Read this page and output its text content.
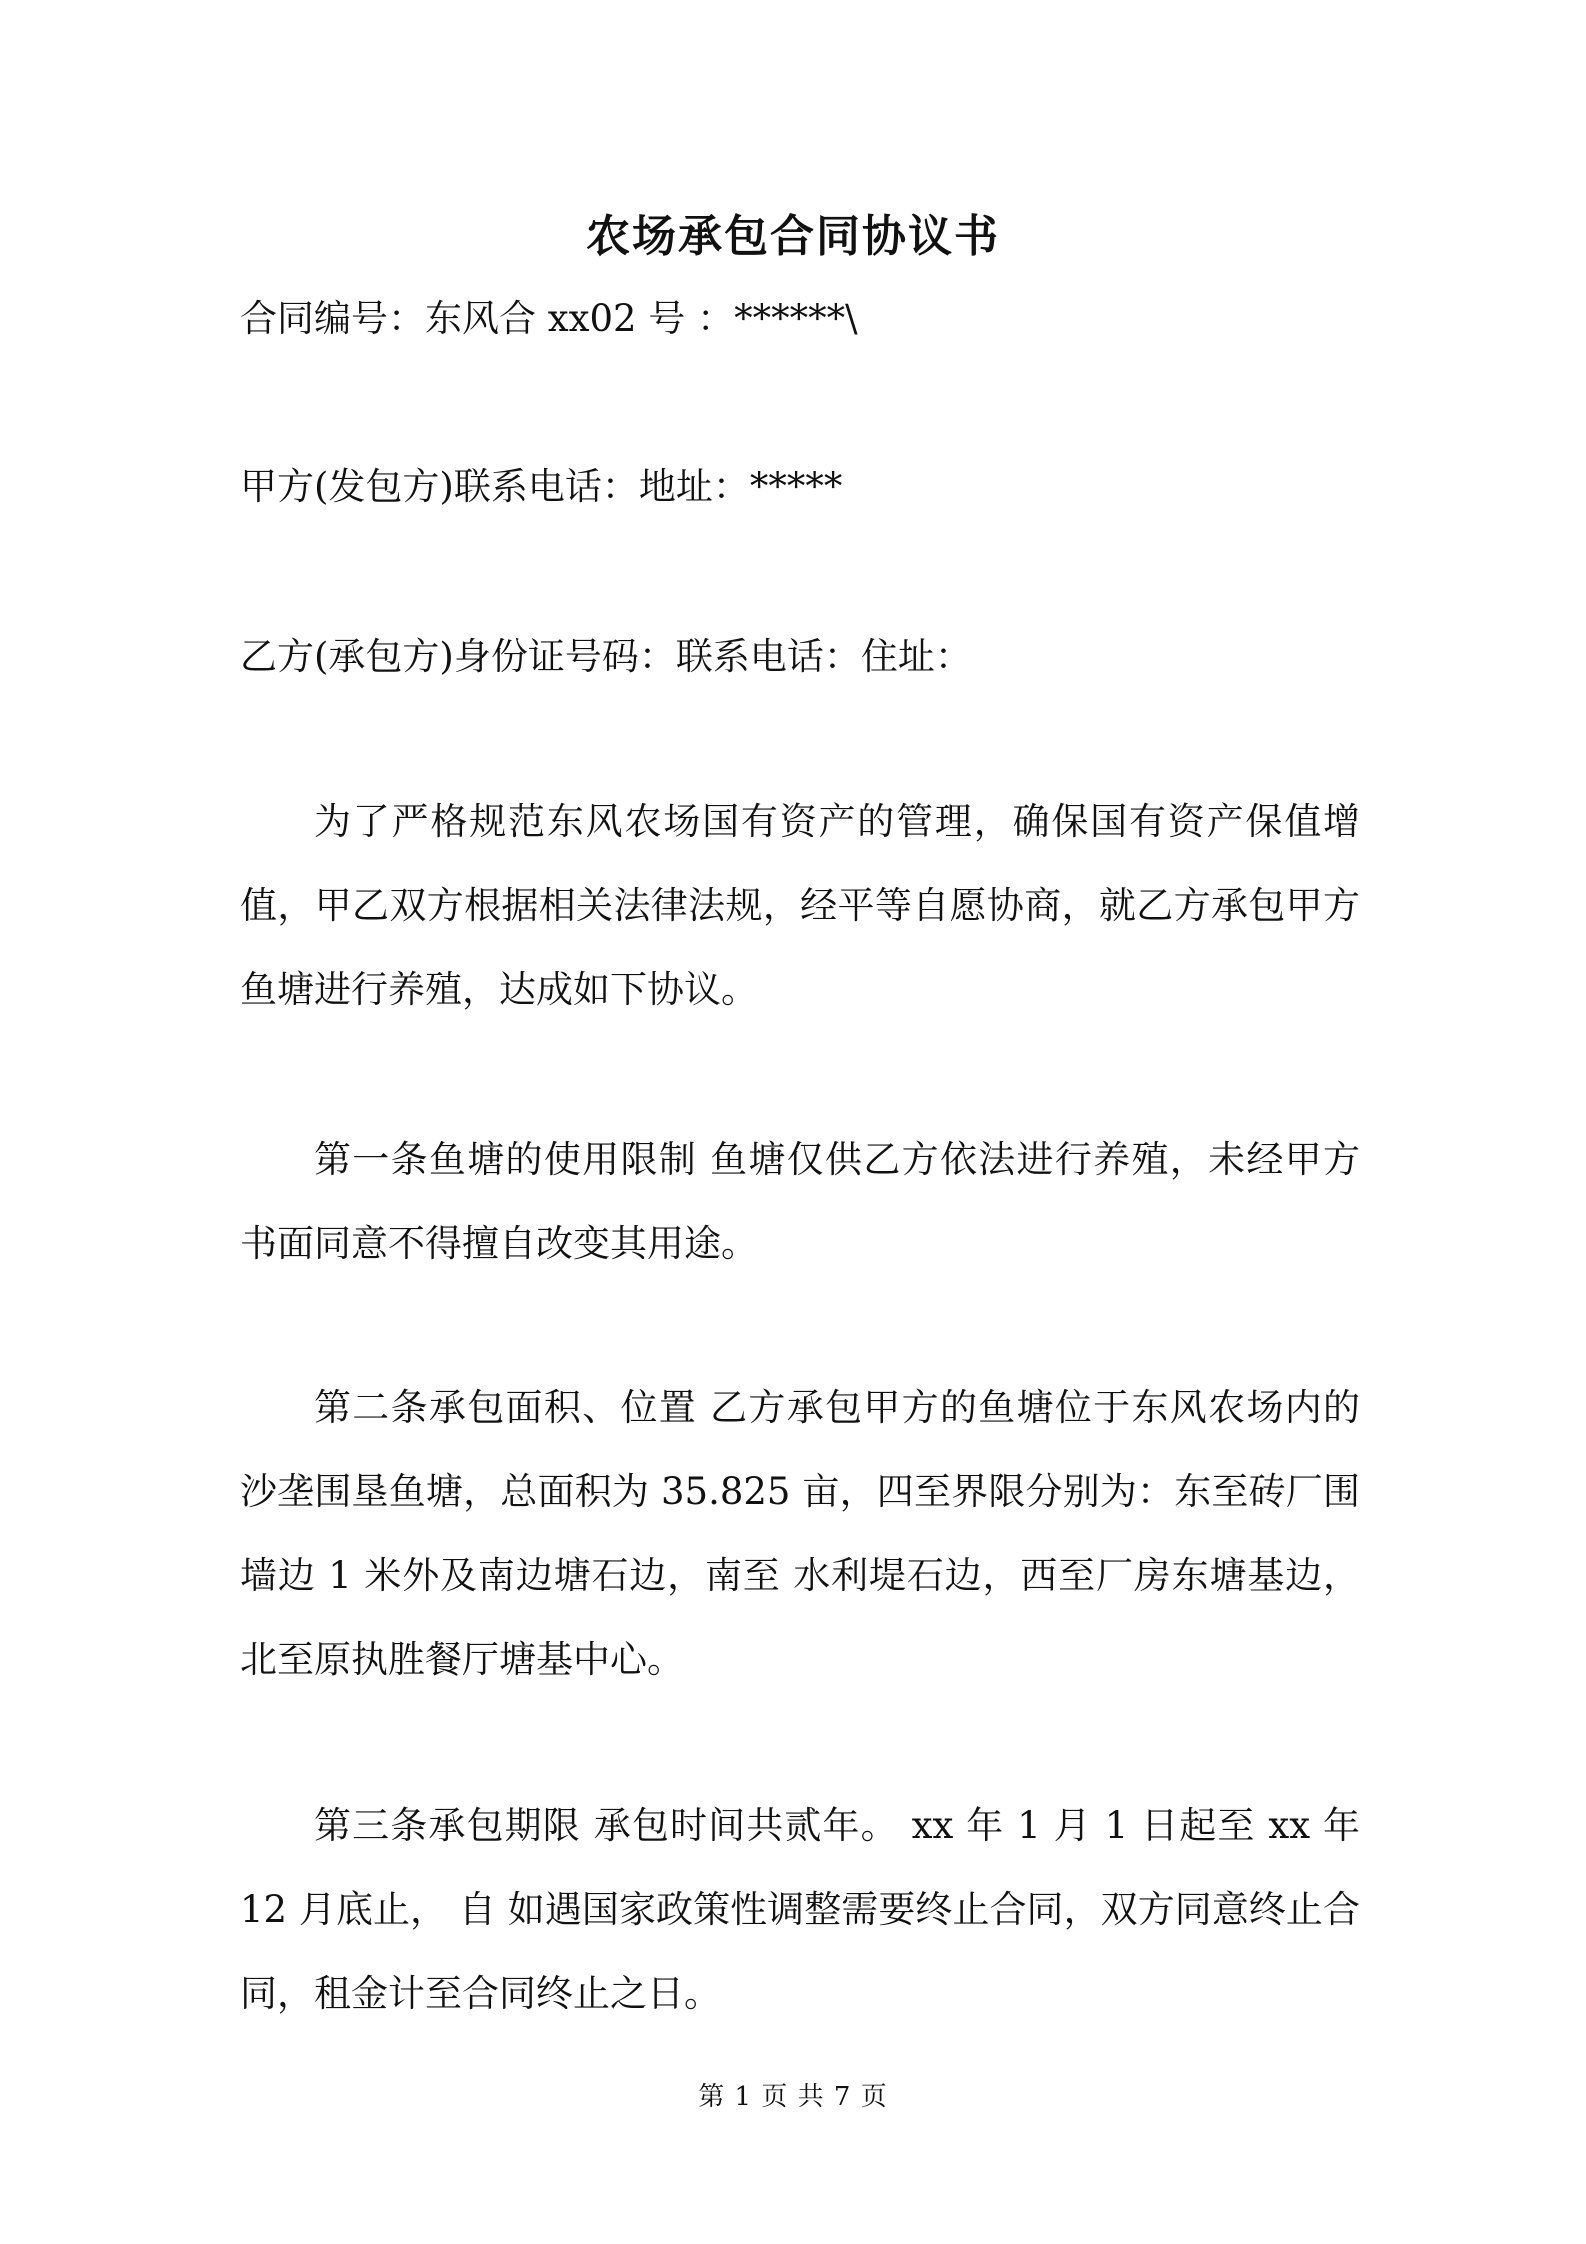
农场承包合同协议书
合同编号：东风合 xx02 号 ：******\
甲方(发包方)联系电话：地址：*****
乙方(承包方)身份证号码：联系电话：住址：

为了严格规范东风农场国有资产的管理，确保国有资产保值增值，甲乙双方根据相关法律法规，经平等自愿协商，就乙方承包甲方鱼塘进行养殖，达成如下协议。

第一条鱼塘的使用限制 鱼塘仅供乙方依法进行养殖，未经甲方书面同意不得擅自改变其用途。

第二条承包面积、位置 乙方承包甲方的鱼塘位于东风农场内的沙垄围垦鱼塘，总面积为 35.825 亩，四至界限分别为：东至砖厂围墙边 1 米外及南边塘石边，南至 水利堤石边，西至厂房东塘基边，北至原执胜餐厅塘基中心。

第三条承包期限 承包时间共贰年。 xx 年 1 月 1 日起至 xx 年 12 月底止， 自 如遇国家政策性调整需要终止合同，双方同意终止合同，租金计至合同终止之日。

第 1 页 共 7 页
